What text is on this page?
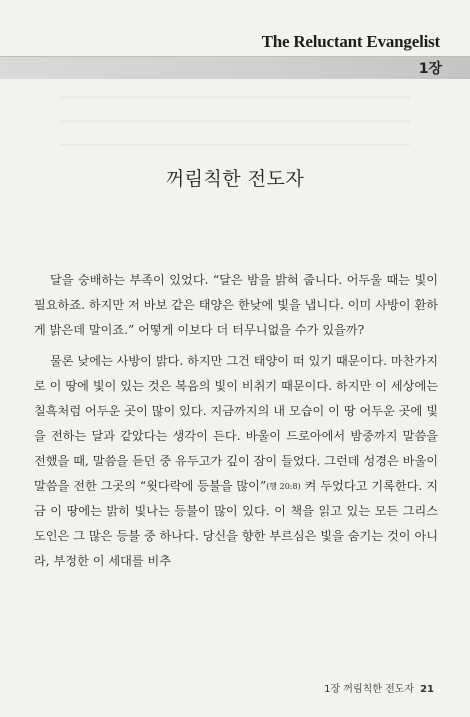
The Reluctant Evangelist
1장
꺼림칙한 전도자

달을 숭배하는 부족이 있었다. “달은 밤을 밝혀 줍니다. 어두울 때는 빛이 필요하죠. 하지만 저 바보 같은 태양은 한낮에 빛을 냅니다. 이미 사방이 환하게 밝은데 말이죠.” 어떻게 이보다 더 터무니없을 수가 있을까?

물론 낮에는 사방이 밝다. 하지만 그건 태양이 떠 있기 때문이다. 마찬가지로 이 땅에 빛이 있는 것은 복음의 빛이 비취기 때문이다. 하지만 이 세상에는 칠흑처럼 어두운 곳이 많이 있다. 지금까지의 내 모습이 이 땅 어두운 곳에 빛을 전하는 달과 같았다는 생각이 든다. 바울이 드로아에서 밤중까지 말씀을 전했을 때, 말씀을 듣던 중 유두고가 깊이 잠이 들었다. 그런데 성경은 바울이 말씀을 전한 그곳의 “윗다락에 등불을 많이”(행 20:8) 켜 두었다고 기록한다. 지금 이 땅에는 밝히 빛나는 등불이 많이 있다. 이 책을 읽고 있는 모든 그리스도인은 그 많은 등불 중 하나다. 당신을 향한 부르심은 빛을 숨기는 것이 아니라, 부정한 이 세대를 비추

1장 꺼림칙한 전도자 21
